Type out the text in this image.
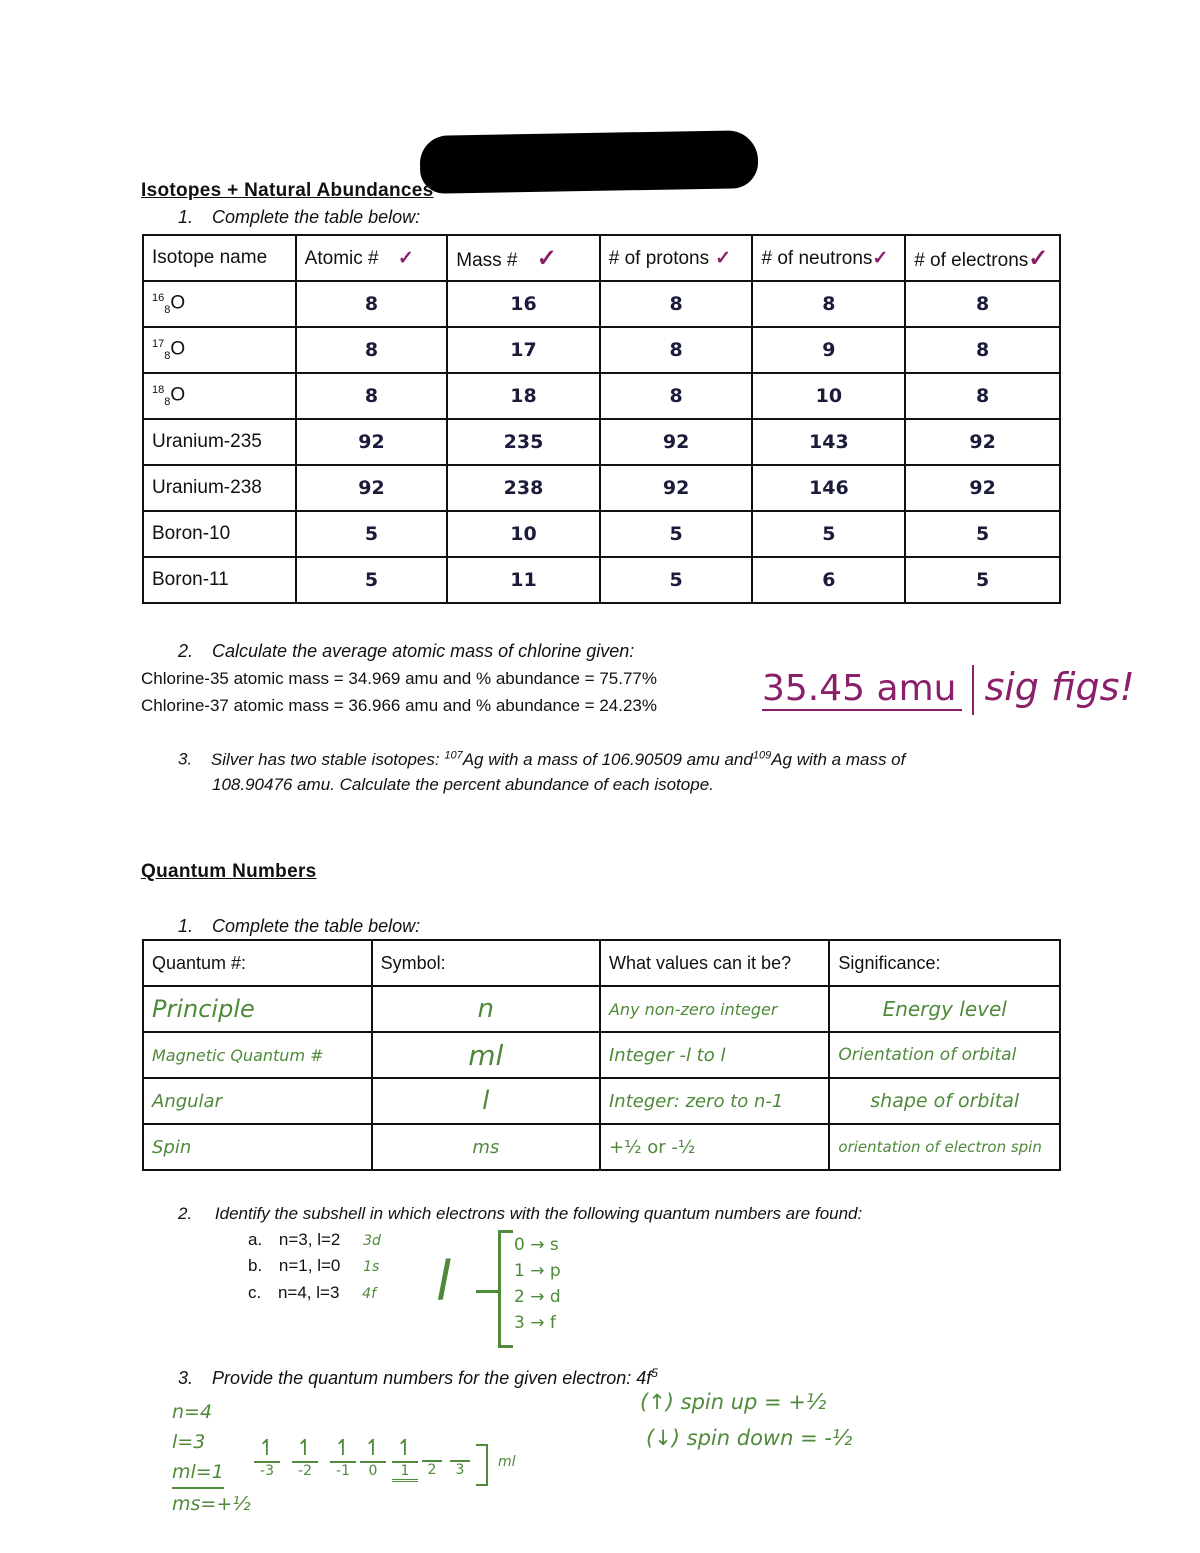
Isotopes + Natural Abundances
1. Complete the table below:
Isotope name	Atomic # ✓	Mass # ✓	# of protons ✓	# of neutrons✓	# of electrons✓
$^{16}_8$O	8	16	8	8	8
$^{17}_8$O	8	17	8	9	8
$^{18}_8$O	8	18	8	10	8
Uranium-235	92	235	92	143	92
Uranium-238	92	238	92	146	92
Boron-10	5	10	5	5	5
Boron-11	5	11	5	6	5
2. Calculate the average atomic mass of chlorine given:
Chlorine-35 atomic mass = 34.969 amu and % abundance = 75.77%
Chlorine-37 atomic mass = 36.966 amu and % abundance = 24.23%	35.45 amu sig figs!
3. Silver has two stable isotopes: $^{107}$Ag with a mass of 106.90509 amu and$^{109}$Ag with a mass of
108.90476 amu. Calculate the percent abundance of each isotope.
Quantum Numbers
1. Complete the table below:
Quantum #:	Symbol:	What values can it be?	Significance:
Principle	n	Any non-zero integer	Energy level
Magnetic Quantum #	ml	Integer -l to l	Orientation of orbital
Angular	l	Integer: zero to n-1	shape of orbital
Spin	ms	+½ or -½	orientation of electron spin
2. Identify the subshell in which electrons with the following quantum numbers are found:
a. n=3, l=2 3d
b. n=1, l=0 1s
c. n=4, l=3 4f l
0 → s
1 → p
2 → d
3 → f
3. Provide the quantum numbers for the given electron: $4f^5$
n=4
l=3
ml=1
ms=+½
↿
-3
↿
-2
↿
-1
↿
0
↿
1	2	3	ml
(↑) spin up = +½
(↓) spin down = -½
